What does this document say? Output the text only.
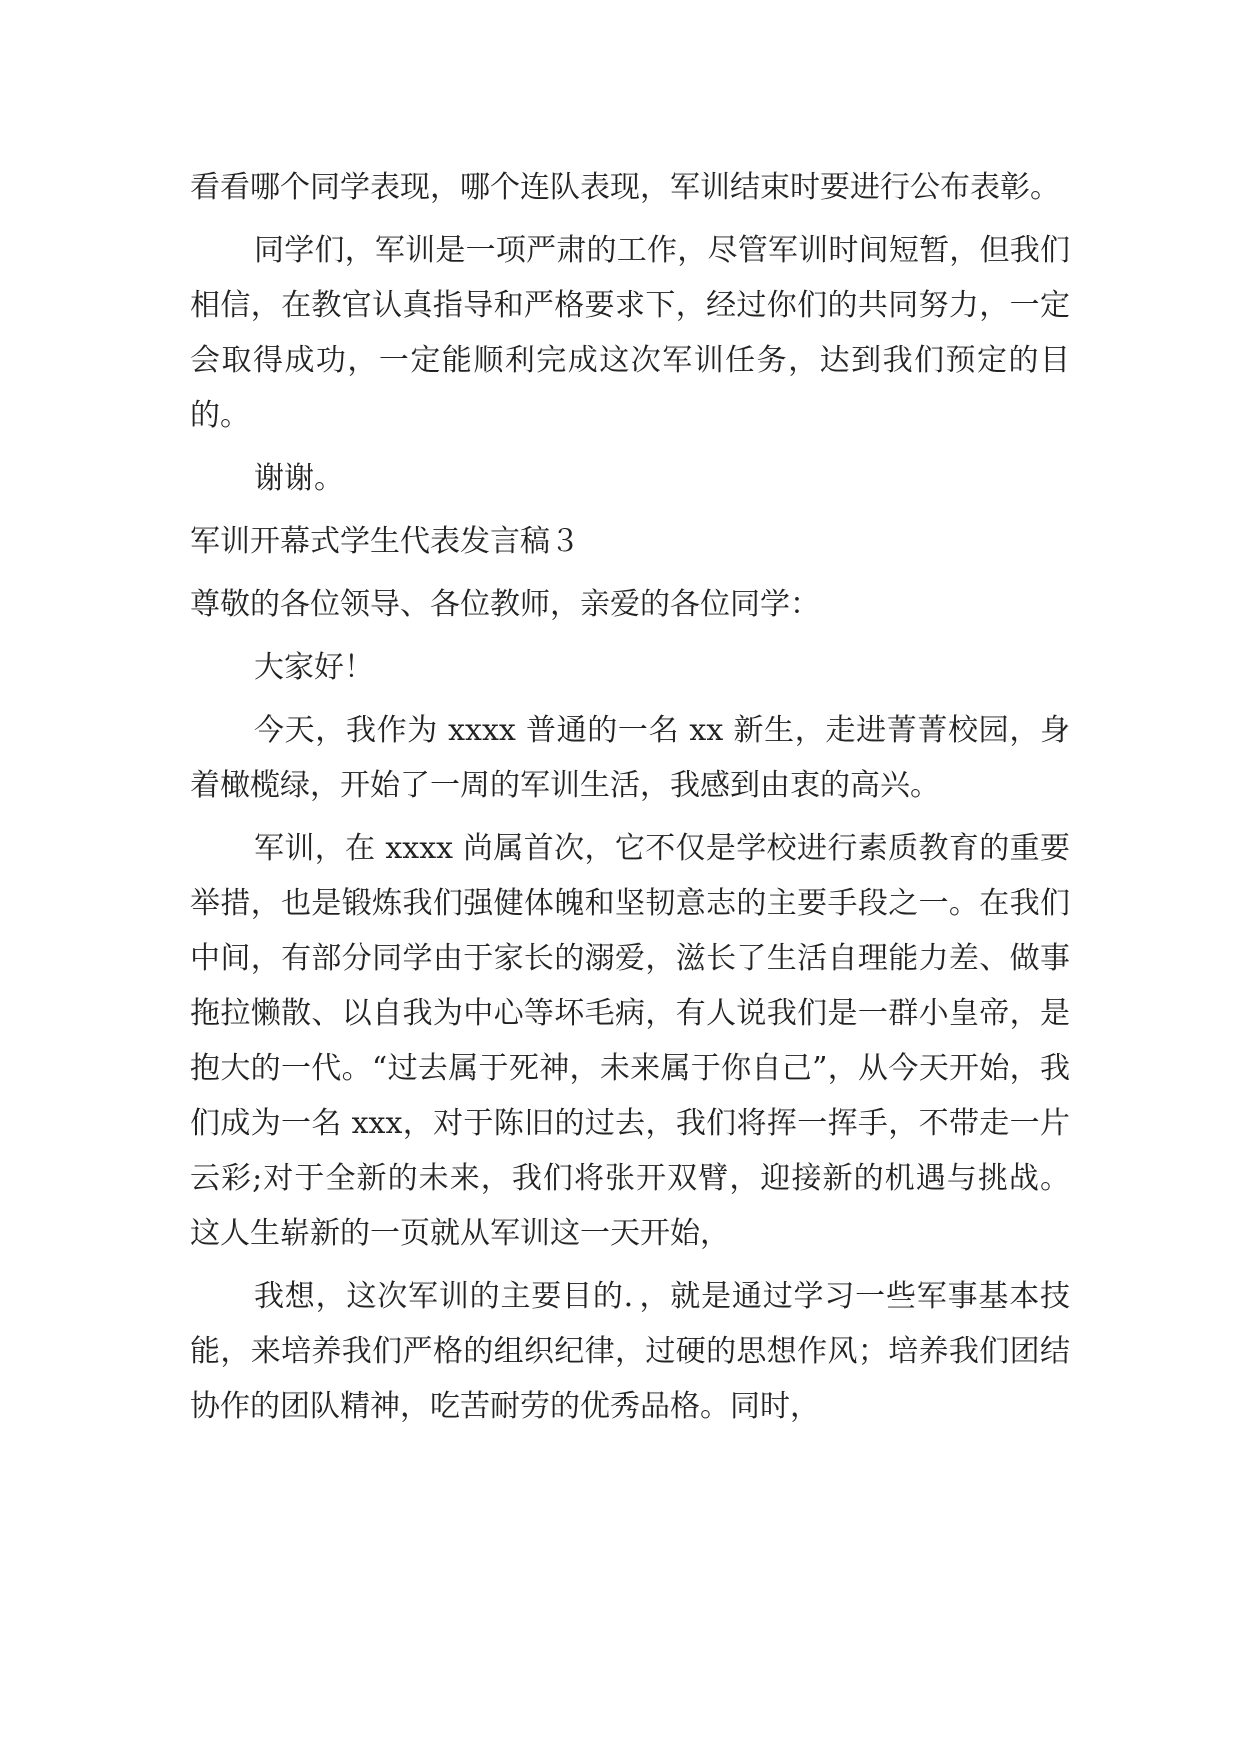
看看哪个同学表现，哪个连队表现，军训结束时要进行公布表彰。

同学们，军训是一项严肃的工作，尽管军训时间短暂，但我们相信，在教官认真指导和严格要求下，经过你们的共同努力，一定会取得成功，一定能顺利完成这次军训任务，达到我们预定的目的。

谢谢。

军训开幕式学生代表发言稿３

尊敬的各位领导、各位教师，亲爱的各位同学：

大家好！

今天，我作为 xxxx 普通的一名 xx 新生，走进菁菁校园，身着橄榄绿，开始了一周的军训生活，我感到由衷的高兴。

军训，在 xxxx 尚属首次，它不仅是学校进行素质教育的重要举措，也是锻炼我们强健体魄和坚韧意志的主要手段之一。在我们中间，有部分同学由于家长的溺爱，滋长了生活自理能力差、做事拖拉懒散、以自我为中心等坏毛病，有人说我们是一群小皇帝，是抱大的一代。“过去属于死神，未来属于你自己”，从今天开始，我们成为一名 xxx，对于陈旧的过去，我们将挥一挥手，不带走一片云彩;对于全新的未来，我们将张开双臂，迎接新的机遇与挑战。这人生崭新的一页就从军训这一天开始，

我想，这次军训的主要目的．，就是通过学习一些军事基本技能，来培养我们严格的组织纪律，过硬的思想作风；培养我们团结协作的团队精神，吃苦耐劳的优秀品格。同时，
